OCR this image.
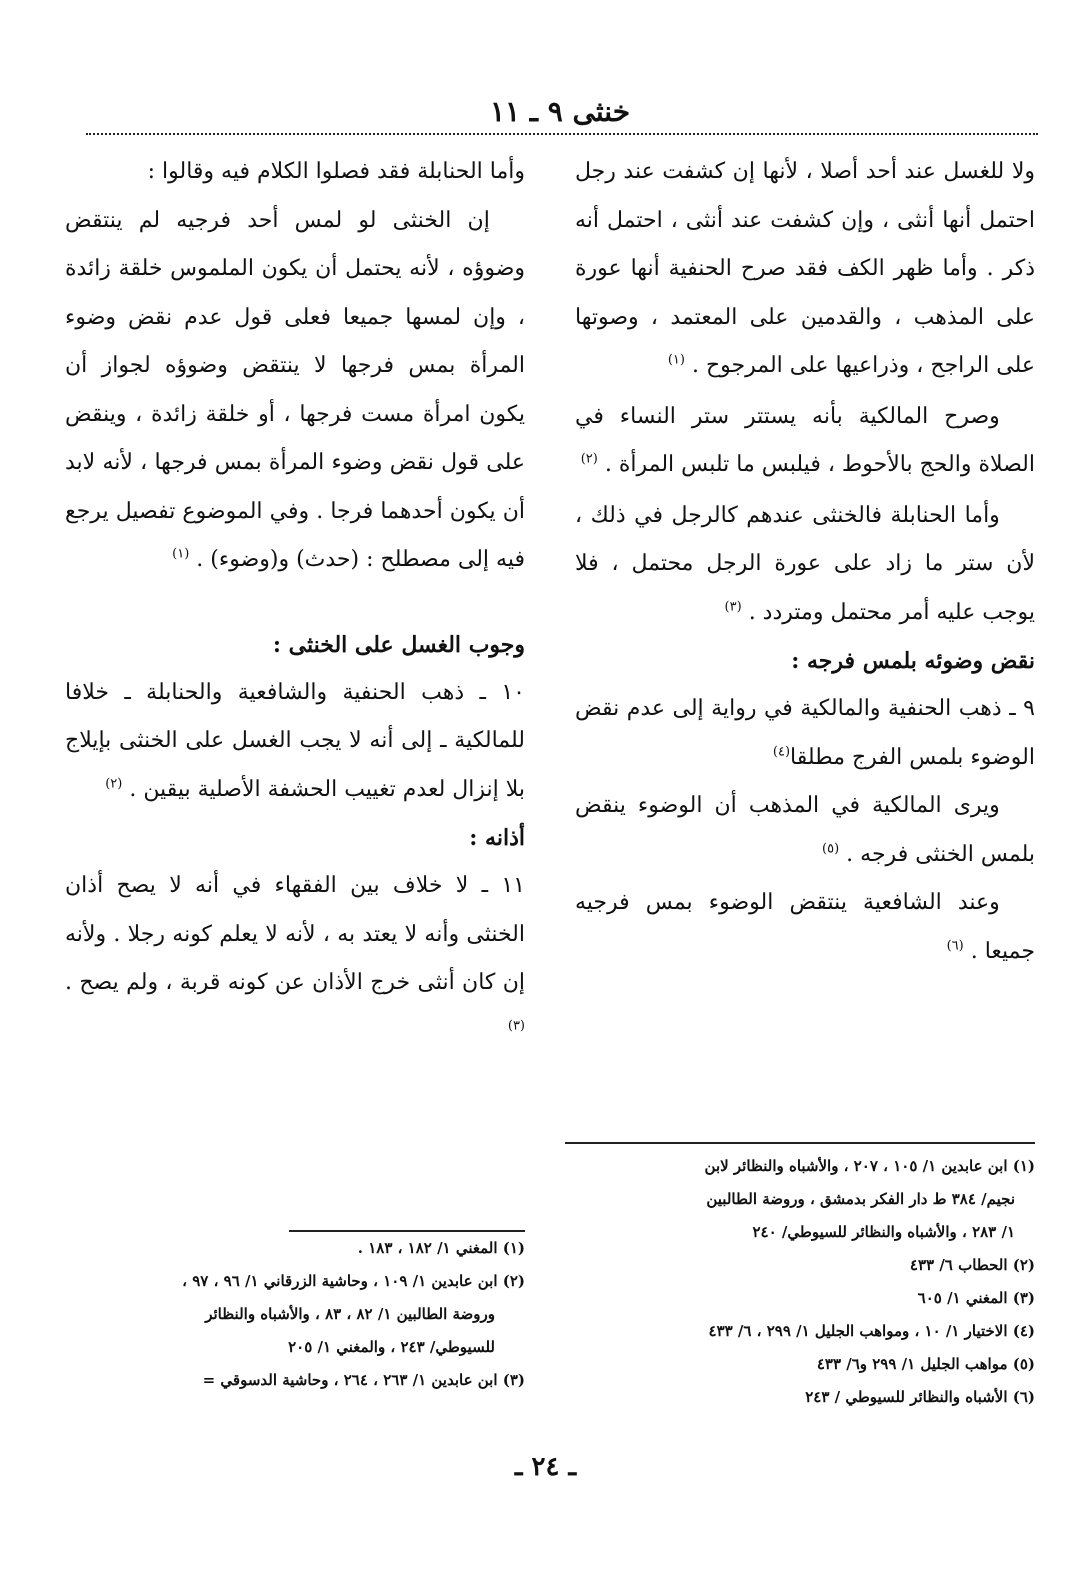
خنثى ٩ ـ ١١

ولا للغسل عند أحد أصلا ، لأنها إن كشفت عند رجل احتمل أنها أنثى ، وإن كشفت عند أنثى ، احتمل أنه ذكر . وأما ظهر الكف فقد صرح الحنفية أنها عورة على المذهب ، والقدمين على المعتمد ، وصوتها على الراجح ، وذراعيها على المرجوح . $^{(١)}$

وصرح المالكية بأنه يستتر ستر النساء في الصلاة والحج بالأحوط ، فيلبس ما تلبس المرأة . $^{(٢)}$

وأما الحنابلة فالخنثى عندهم كالرجل في ذلك ، لأن ستر ما زاد على عورة الرجل محتمل ، فلا يوجب عليه أمر محتمل ومتردد . $^{(٣)}$

نقض وضوئه بلمس فرجه :

٩ ـ ذهب الحنفية والمالكية في رواية إلى عدم نقض الوضوء بلمس الفرج مطلقا$^{(٤)}$

ويرى المالكية في المذهب أن الوضوء ينقض بلمس الخنثى فرجه . $^{(٥)}$

وعند الشافعية ينتقض الوضوء بمس فرجيه جميعا . $^{(٦)}$

وأما الحنابلة فقد فصلوا الكلام فيه وقالوا :

إن الخنثى لو لمس أحد فرجيه لم ينتقض وضوؤه ، لأنه يحتمل أن يكون الملموس خلقة زائدة ، وإن لمسها جميعا فعلى قول عدم نقض وضوء المرأة بمس فرجها لا ينتقض وضوؤه لجواز أن يكون امرأة مست فرجها ، أو خلقة زائدة ، وينقض على قول نقض وضوء المرأة بمس فرجها ، لأنه لابد أن يكون أحدهما فرجا . وفي الموضوع تفصيل يرجع فيه إلى مصطلح : (حدث) و(وضوء) . $^{(١)}$

وجوب الغسل على الخنثى :

١٠ ـ ذهب الحنفية والشافعية والحنابلة ـ خلافا للمالكية ـ إلى أنه لا يجب الغسل على الخنثى بإيلاج بلا إنزال لعدم تغييب الحشفة الأصلية بيقين . $^{(٢)}$

أذانه :

١١ ـ لا خلاف بين الفقهاء في أنه لا يصح أذان الخنثى وأنه لا يعتد به ، لأنه لا يعلم كونه رجلا . ولأنه إن كان أنثى خرج الأذان عن كونه قربة ، ولم يصح . $^{(٣)}$

(١) ابن عابدين ١/ ١٠٥ ، ٢٠٧ ، والأشباه والنظائر لابن

نجيم/ ٣٨٤ ط دار الفكر بدمشق ، وروضة الطالبين

١/ ٢٨٣ ، والأشباه والنظائر للسيوطي/ ٢٤٠

(٢) الحطاب ٦/ ٤٣٣

(٣) المغني ١/ ٦٠٥

(٤) الاختيار ١/ ١٠ ، ومواهب الجليل ١/ ٢٩٩ ، ٦/ ٤٣٣

(٥) مواهب الجليل ١/ ٢٩٩ و٦/ ٤٣٣

(٦) الأشباه والنظائر للسيوطي / ٢٤٣

(١) المغني ١/ ١٨٢ ، ١٨٣ .

(٢) ابن عابدين ١/ ١٠٩ ، وحاشية الزرقاني ١/ ٩٦ ، ٩٧ ،

وروضة الطالبين ١/ ٨٢ ، ٨٣ ، والأشباه والنظائر

للسيوطي/ ٢٤٣ ، والمغني ١/ ٢٠٥

(٣) ابن عابدين ١/ ٢٦٣ ، ٢٦٤ ، وحاشية الدسوقي =

ـ ٢٤ ـ
